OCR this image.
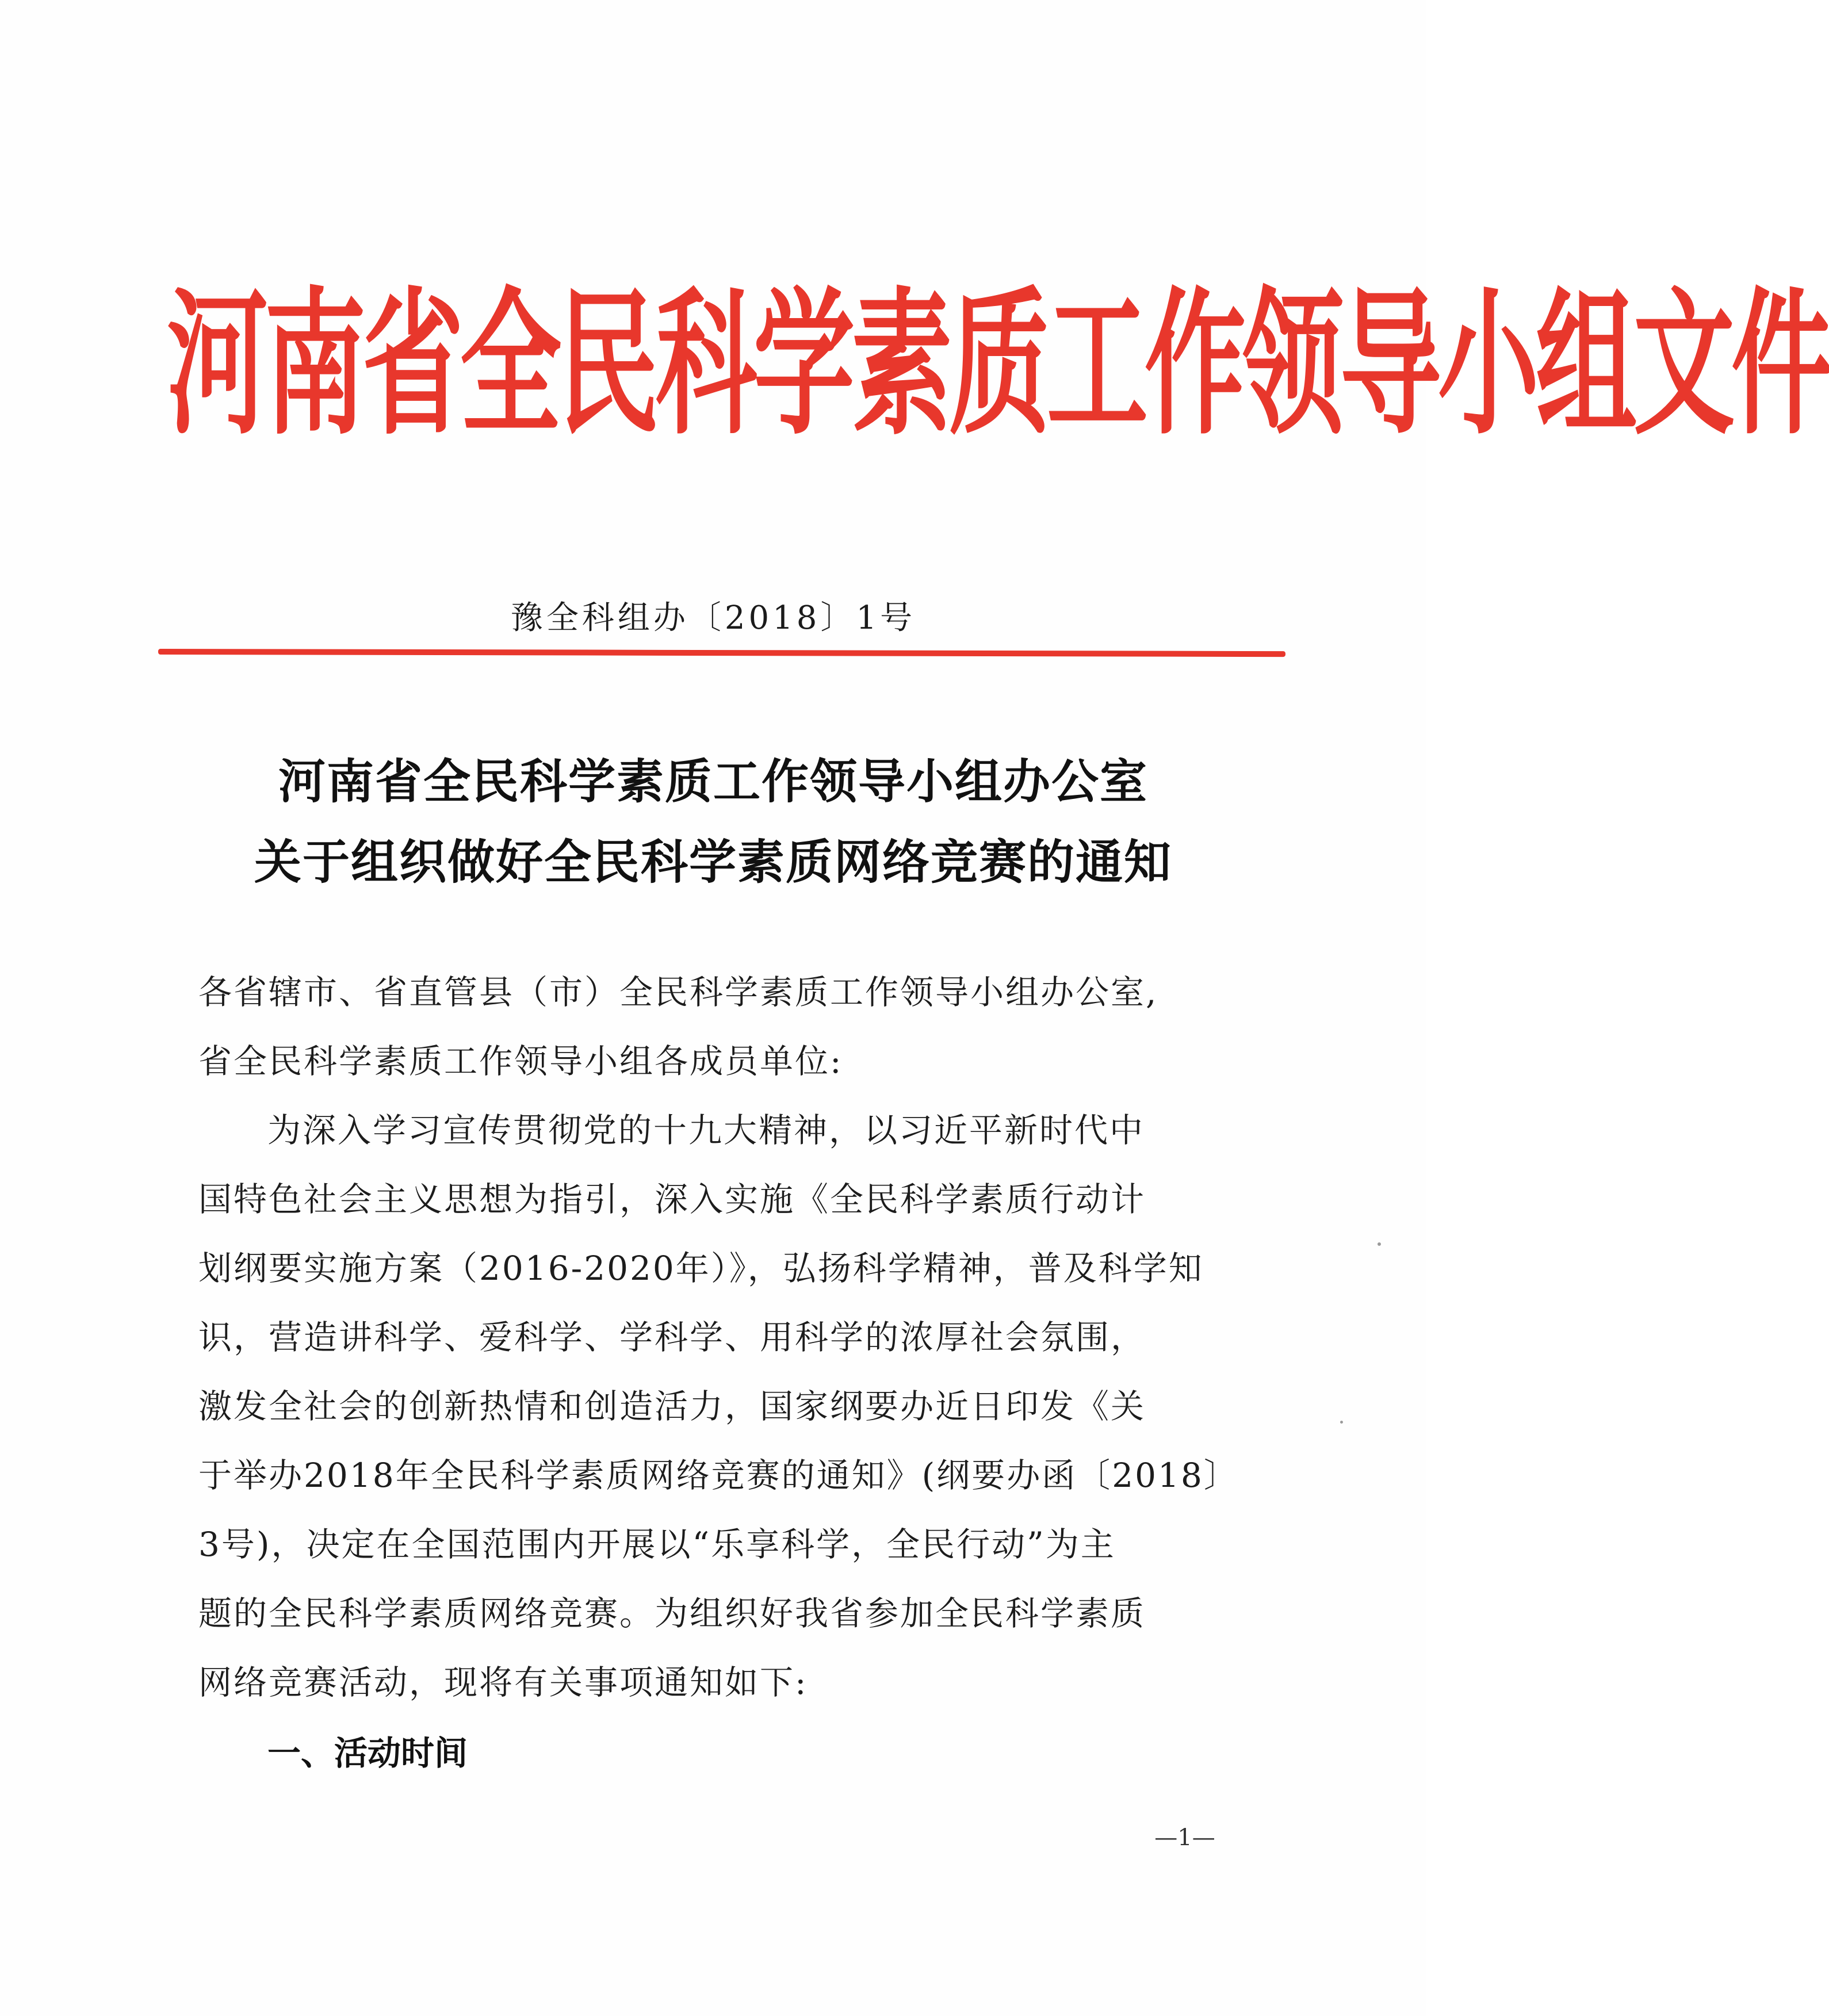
河南省全民科学素质工作领导小组文件
豫全科组办〔2018〕1号
河南省全民科学素质工作领导小组办公室
关于组织做好全民科学素质网络竞赛的通知
各省辖市、省直管县（市）全民科学素质工作领导小组办公室,
省全民科学素质工作领导小组各成员单位:
为深入学习宣传贯彻党的十九大精神，以习近平新时代中
国特色社会主义思想为指引，深入实施《全民科学素质行动计
划纲要实施方案（2016-2020年）》，弘扬科学精神，普及科学知
识，营造讲科学、爱科学、学科学、用科学的浓厚社会氛围，
激发全社会的创新热情和创造活力，国家纲要办近日印发《关
于举办2018年全民科学素质网络竞赛的通知》(纲要办函〔2018〕
3号)，决定在全国范围内开展以“乐享科学，全民行动”为主
题的全民科学素质网络竞赛。为组织好我省参加全民科学素质
网络竞赛活动，现将有关事项通知如下:
一、活动时间
—1—
